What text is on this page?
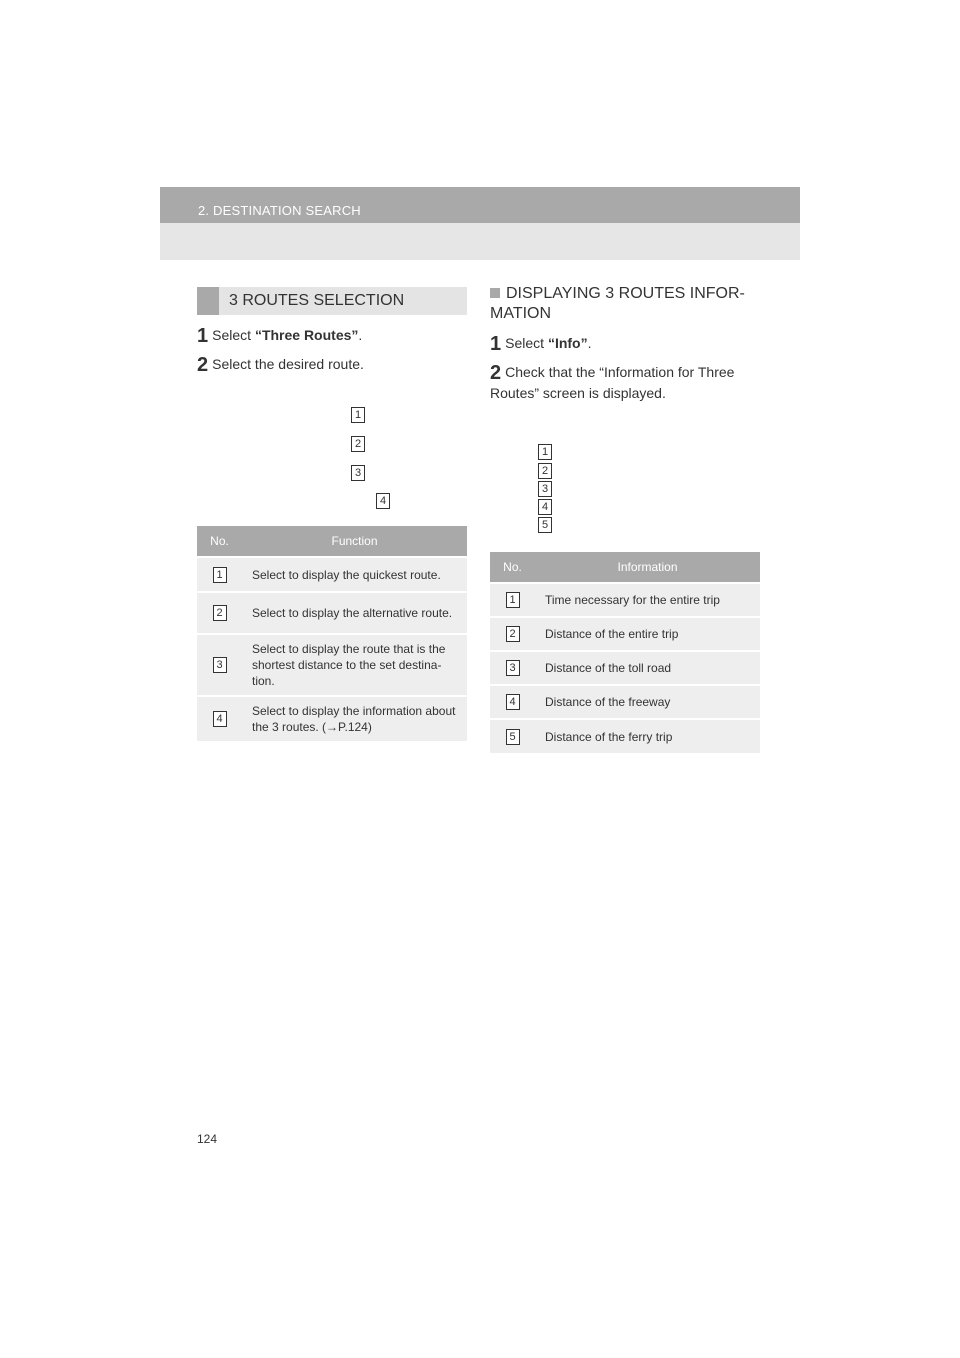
2. DESTINATION SEARCH
3 ROUTES SELECTION
1 Select “Three Routes”.
2 Select the desired route.
1
2
3
4
No.	Function
1	Select to display the quickest route.
2	Select to display the alternative route.
3	Select to display the route that is the shortest distance to the set destina-tion.
4	Select to display the information about the 3 routes. (→P.124)
DISPLAYING 3 ROUTES INFOR-MATION
1 Select “Info”.
2 Check that the “Information for Three Routes” screen is displayed.
1
2
3
4
5
No.	Information
1	Time necessary for the entire trip
2	Distance of the entire trip
3	Distance of the toll road
4	Distance of the freeway
5	Distance of the ferry trip
124
